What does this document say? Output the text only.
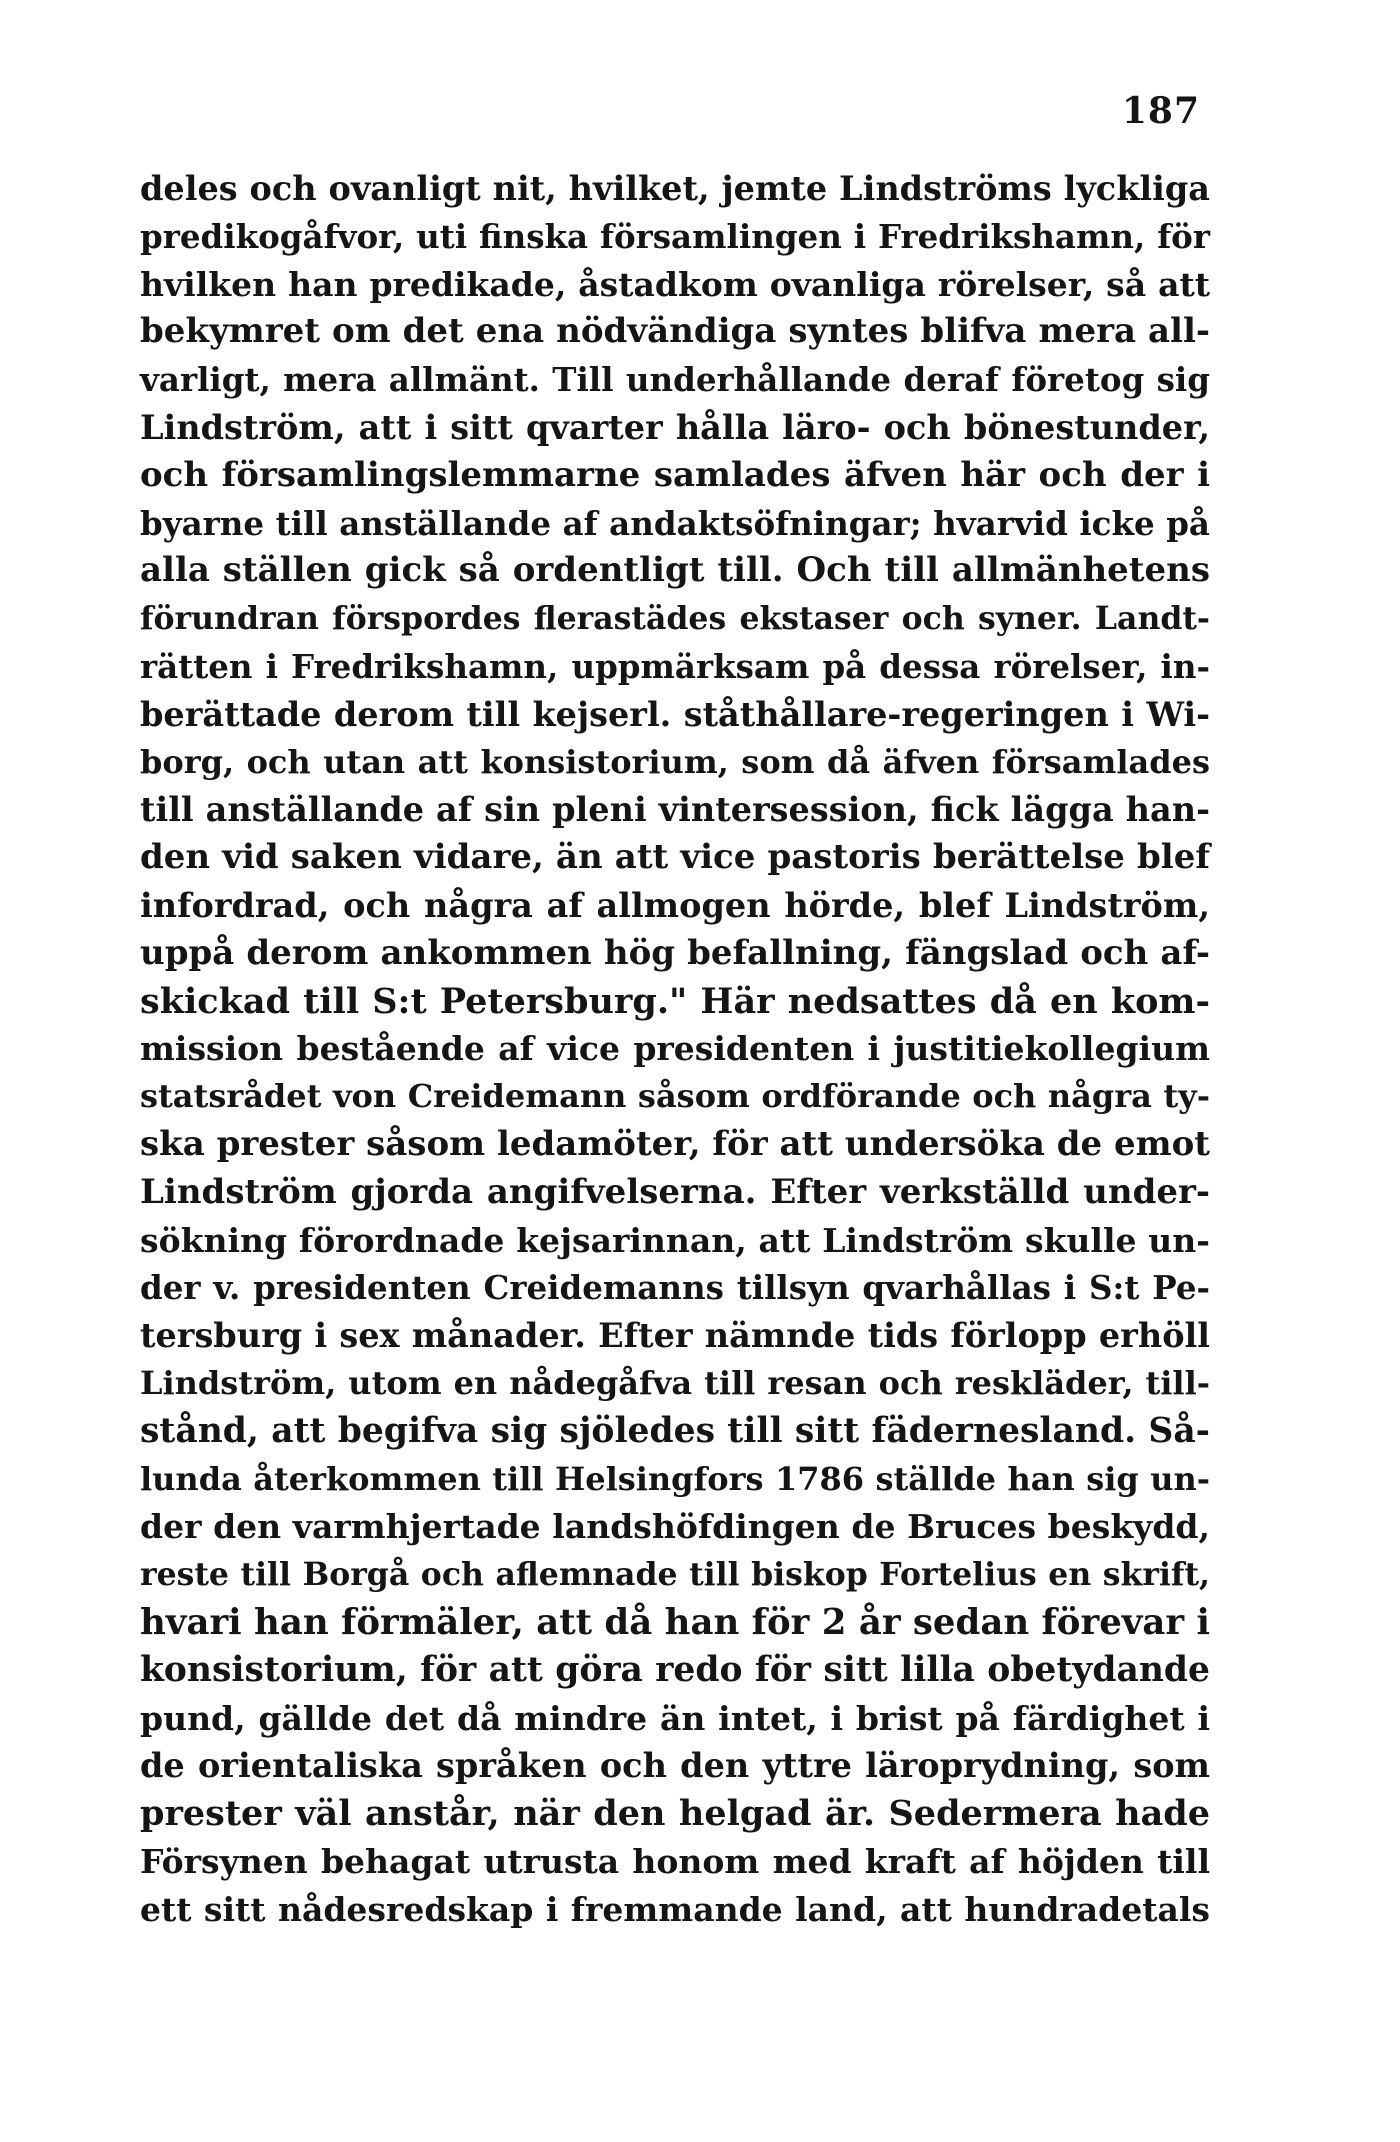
187
deles och ovanligt nit, hvilket, jemte Lindströms lyckliga
predikogåfvor, uti finska församlingen i Fredrikshamn, för
hvilken han predikade, åstadkom ovanliga rörelser, så att
bekymret om det ena nödvändiga syntes blifva mera all-
varligt, mera allmänt. Till underhållande deraf företog sig
Lindström, att i sitt qvarter hålla läro- och bönestunder,
och församlingslemmarne samlades äfven här och der i
byarne till anställande af andaktsöfningar; hvarvid icke på
alla ställen gick så ordentligt till. Och till allmänhetens
förundran förspordes flerastädes ekstaser och syner. Landt-
rätten i Fredrikshamn, uppmärksam på dessa rörelser, in-
berättade derom till kejserl. ståthållare-regeringen i Wi-
borg, och utan att konsistorium, som då äfven församlades
till anställande af sin pleni vintersession, fick lägga han-
den vid saken vidare, än att vice pastoris berättelse blef
infordrad, och några af allmogen hörde, blef Lindström,
uppå derom ankommen hög befallning, fängslad och af-
skickad till S:t Petersburg." Här nedsattes då en kom-
mission bestående af vice presidenten i justitiekollegium
statsrådet von Creidemann såsom ordförande och några ty-
ska prester såsom ledamöter, för att undersöka de emot
Lindström gjorda angifvelserna. Efter verkställd under-
sökning förordnade kejsarinnan, att Lindström skulle un-
der v. presidenten Creidemanns tillsyn qvarhållas i S:t Pe-
tersburg i sex månader. Efter nämnde tids förlopp erhöll
Lindström, utom en nådegåfva till resan och reskläder, till-
stånd, att begifva sig sjöledes till sitt fädernesland. Så-
lunda återkommen till Helsingfors 1786 ställde han sig un-
der den varmhjertade landshöfdingen de Bruces beskydd,
reste till Borgå och aflemnade till biskop Fortelius en skrift,
hvari han förmäler, att då han för 2 år sedan förevar i
konsistorium, för att göra redo för sitt lilla obetydande
pund, gällde det då mindre än intet, i brist på färdighet i
de orientaliska språken och den yttre läroprydning, som
prester väl anstår, när den helgad är. Sedermera hade
Försynen behagat utrusta honom med kraft af höjden till
ett sitt nådesredskap i fremmande land, att hundradetals
